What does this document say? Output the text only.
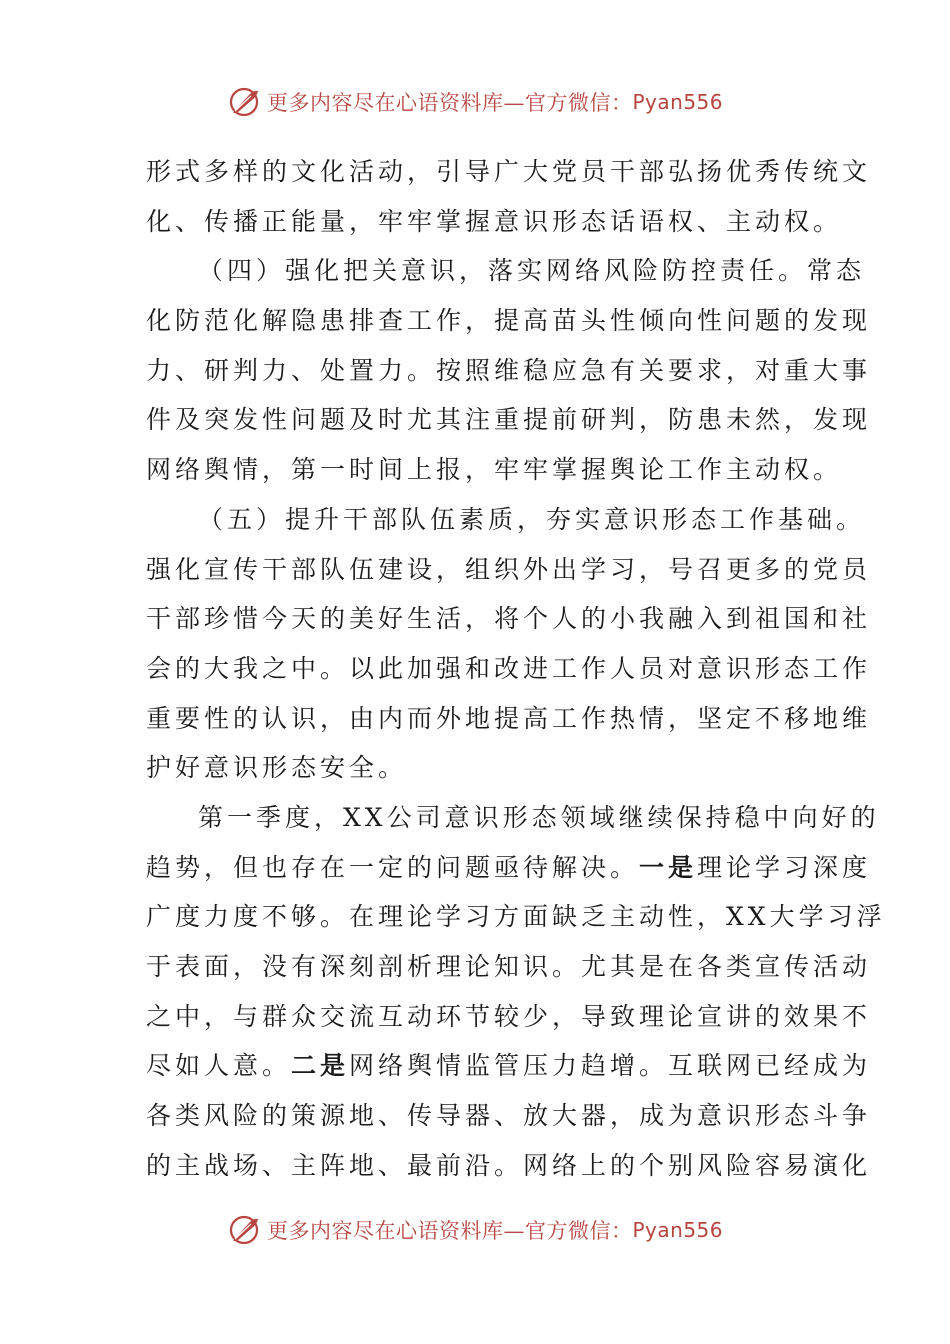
更多内容尽在心语资料库—官方微信： Pyan556
形式多样的文化活动，引导广大党员干部弘扬优秀传统文
化、传播正能量，牢牢掌握意识形态话语权、主动权。
（四）强化把关意识，落实网络风险防控责任。常态
化防范化解隐患排查工作，提高苗头性倾向性问题的发现
力、研判力、处置力。按照维稳应急有关要求，对重大事
件及突发性问题及时尤其注重提前研判，防患未然，发现
网络舆情，第一时间上报，牢牢掌握舆论工作主动权。
（五）提升干部队伍素质，夯实意识形态工作基础。
强化宣传干部队伍建设，组织外出学习，号召更多的党员
干部珍惜今天的美好生活，将个人的小我融入到祖国和社
会的大我之中。以此加强和改进工作人员对意识形态工作
重要性的认识，由内而外地提高工作热情，坚定不移地维
护好意识形态安全。
第一季度，XX公司意识形态领域继续保持稳中向好的
趋势，但也存在一定的问题亟待解决。一是理论学习深度
广度力度不够。在理论学习方面缺乏主动性，XX大学习浮
于表面，没有深刻剖析理论知识。尤其是在各类宣传活动
之中，与群众交流互动环节较少，导致理论宣讲的效果不
尽如人意。二是网络舆情监管压力趋增。互联网已经成为
各类风险的策源地、传导器、放大器，成为意识形态斗争
的主战场、主阵地、最前沿。网络上的个别风险容易演化
更多内容尽在心语资料库—官方微信： Pyan556
